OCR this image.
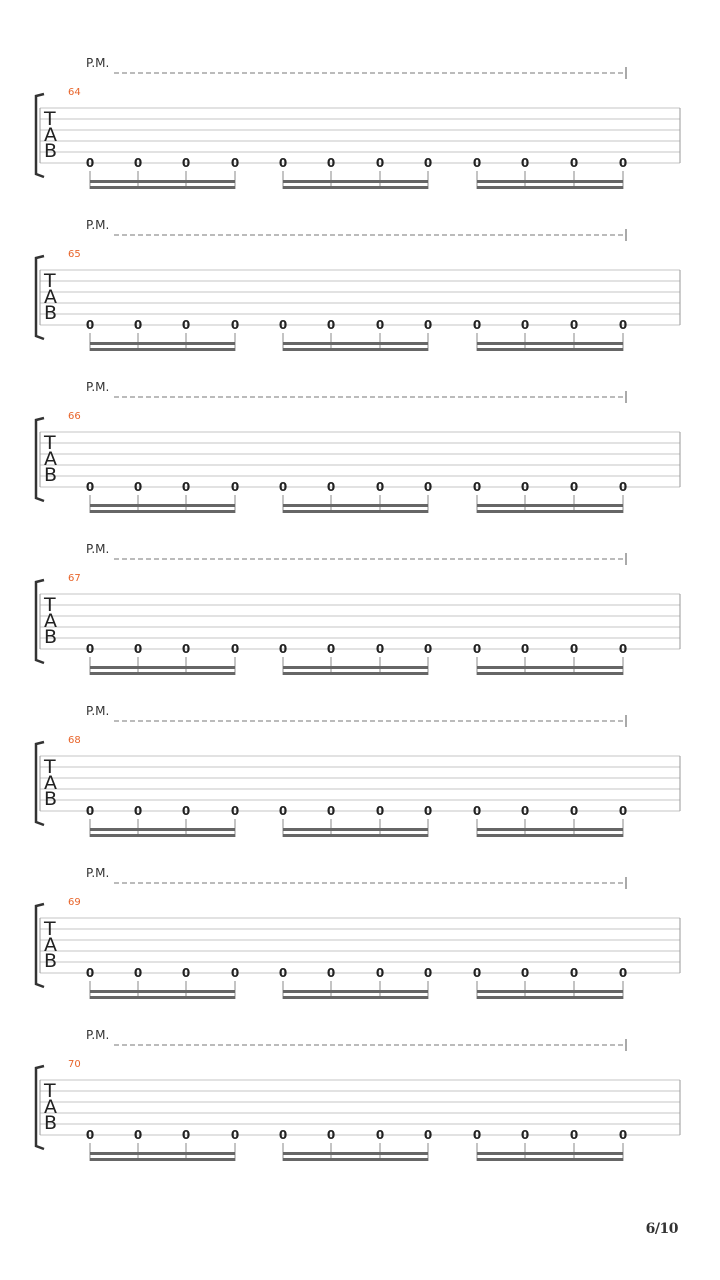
P.M.
64
T
A
B
0	0	0	0	0	0	0	0	0	0	0	0
P.M.
65
T
A
B
0	0	0	0	0	0	0	0	0	0	0	0
P.M.
66
T
A
B
0	0	0	0	0	0	0	0	0	0	0	0
P.M.
67
T
A
B
0	0	0	0	0	0	0	0	0	0	0	0
P.M.
68
T
A
B
0	0	0	0	0	0	0	0	0	0	0	0
P.M.
69
T
A
B
0	0	0	0	0	0	0	0	0	0	0	0
P.M.
70
T
A
B
0	0	0	0	0	0	0	0	0	0	0	0
6/10
